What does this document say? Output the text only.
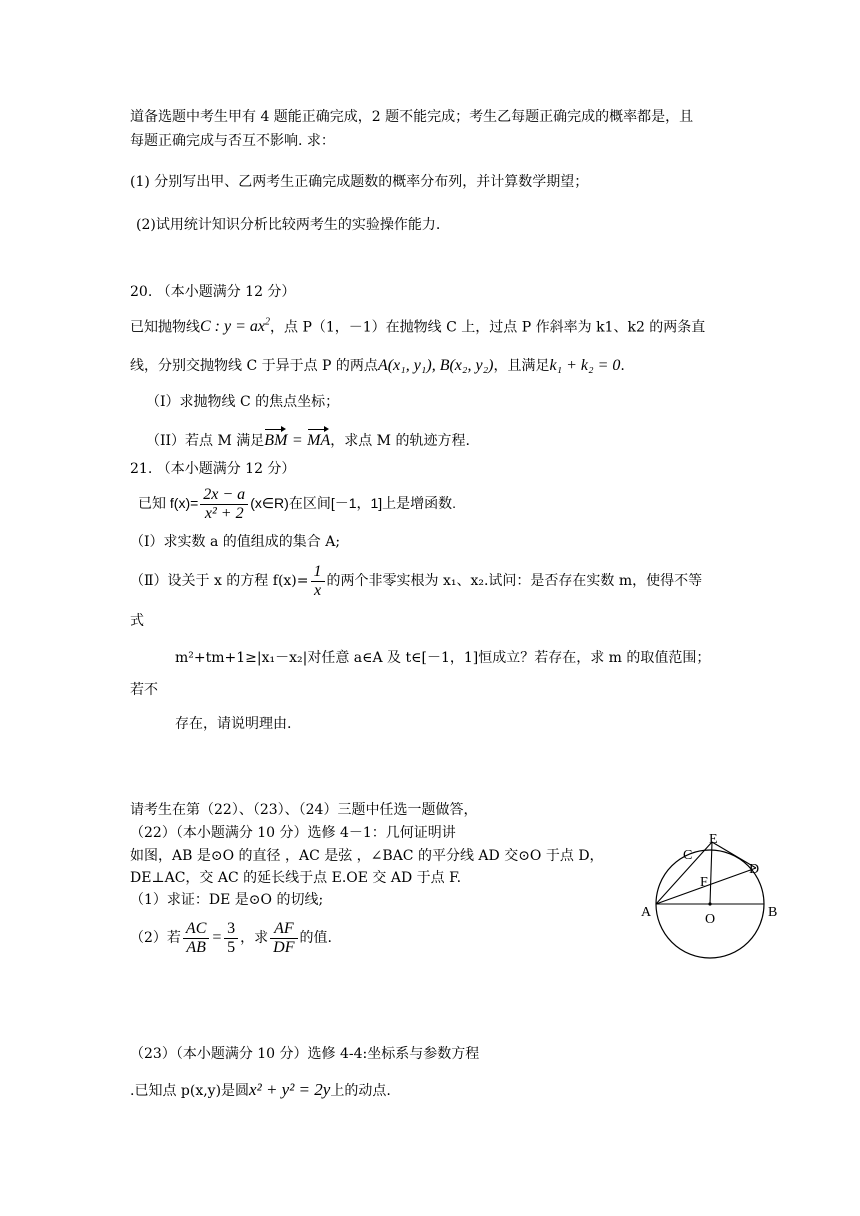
道备选题中考生甲有 4 题能正确完成，2 题不能完成；考生乙每题正确完成的概率都是，且
每题正确完成与否互不影响. 求：
(1) 分别写出甲、乙两考生正确完成题数的概率分布列，并计算数学期望；
(2)试用统计知识分析比较两考生的实验操作能力.
20. （本小题满分 12 分）
已知抛物线C : $y = ax^2$，点 P（1，－1）在抛物线 C 上，过点 P 作斜率为 k1、k2 的两条直
线，分别交抛物线 C 于异于点 P 的两点A(x₁, y₁), B(x₂, y₂)，且满足k₁ + k₂ = 0.
（I）求抛物线 C 的焦点坐标；
（II）若点 M 满足BM = MA，求点 M 的轨迹方程.
21. （本小题满分 12 分）
已知 $f(x)= \frac{2x - a}{\text{x² + 2}}$ (x∈R)在区间[－1，1]上是增函数.
（Ⅰ）求实数 a 的值组成的集合 A;
（Ⅱ）设关于 x 的方程 $f(x)= \frac{1}{x}$ 的两个非零实根为 x₁、x₂.试问：是否存在实数 m，使得不等
式
m²+tm+1≥|x₁－x₂|对任意 a∈A 及 t∈[－1，1]恒成立？若存在，求 m 的取值范围；
若不
存在，请说明理由.
请考生在第（22）、（23）、（24）三题中任选一题做答，
（22）（本小题满分 10 分）选修 4－1：几何证明讲
如图，AB 是⊙O 的直径 ，AC 是弦 ，∠BAC 的平分线 AD 交⊙O 于点 D，
DE⊥AC，交 AC 的延长线于点 E.OE 交 AD 于点 F.
（1）求证：DE 是⊙O 的切线;
（2）若 $\frac{AC}{AB} = \frac{3}{5}$ ，求 $\frac{AF}{DF}$ 的值.
A	B
C
D
E
F
O
（23）（本小题满分 10 分）选修 4-4:坐标系与参数方程
.已知点 p(x,y)是圆x² + y² = 2y上的动点.
